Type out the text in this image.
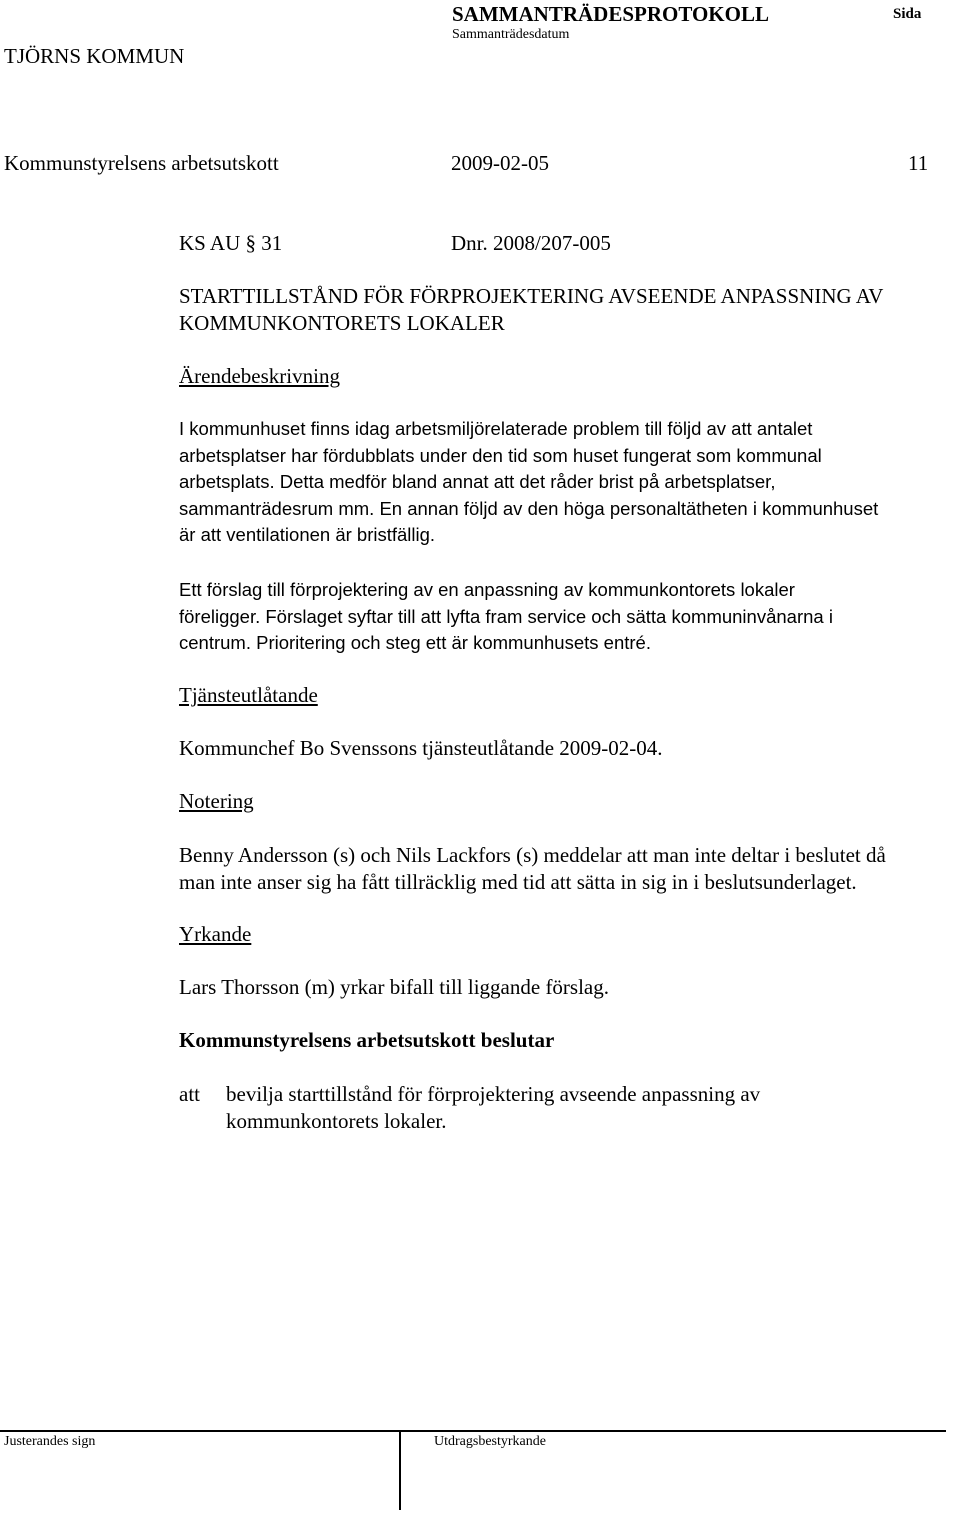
SAMMANTRÄDESPROTOKOLL
Sammanträdesdatum
Sida
TJÖRNS KOMMUN
Kommunstyrelsens arbetsutskott	2009-02-05	11
KS AU § 31	Dnr. 2008/207-005
STARTTILLSTÅND FÖR FÖRPROJEKTERING AVSEENDE ANPASSNING AV
KOMMUNKONTORETS LOKALER
Ärendebeskrivning
I kommunhuset finns idag arbetsmiljörelaterade problem till följd av att antalet
arbetsplatser har fördubblats under den tid som huset fungerat som kommunal
arbetsplats. Detta medför bland annat att det råder brist på arbetsplatser,
sammanträdesrum mm. En annan följd av den höga personaltätheten i kommunhuset
är att ventilationen är bristfällig.
Ett förslag till förprojektering av en anpassning av kommunkontorets lokaler
föreligger. Förslaget syftar till att lyfta fram service och sätta kommuninvånarna i
centrum. Prioritering och steg ett är kommunhusets entré.
Tjänsteutlåtande
Kommunchef Bo Svenssons tjänsteutlåtande 2009-02-04.
Notering
Benny Andersson (s) och Nils Lackfors (s) meddelar att man inte deltar i beslutet då
man inte anser sig ha fått tillräcklig med tid att sätta in sig in i beslutsunderlaget.
Yrkande
Lars Thorsson (m) yrkar bifall till liggande förslag.
Kommunstyrelsens arbetsutskott beslutar
att bevilja starttillstånd för förprojektering avseende anpassning av
kommunkontorets lokaler.
Justerandes sign	Utdragsbestyrkande
